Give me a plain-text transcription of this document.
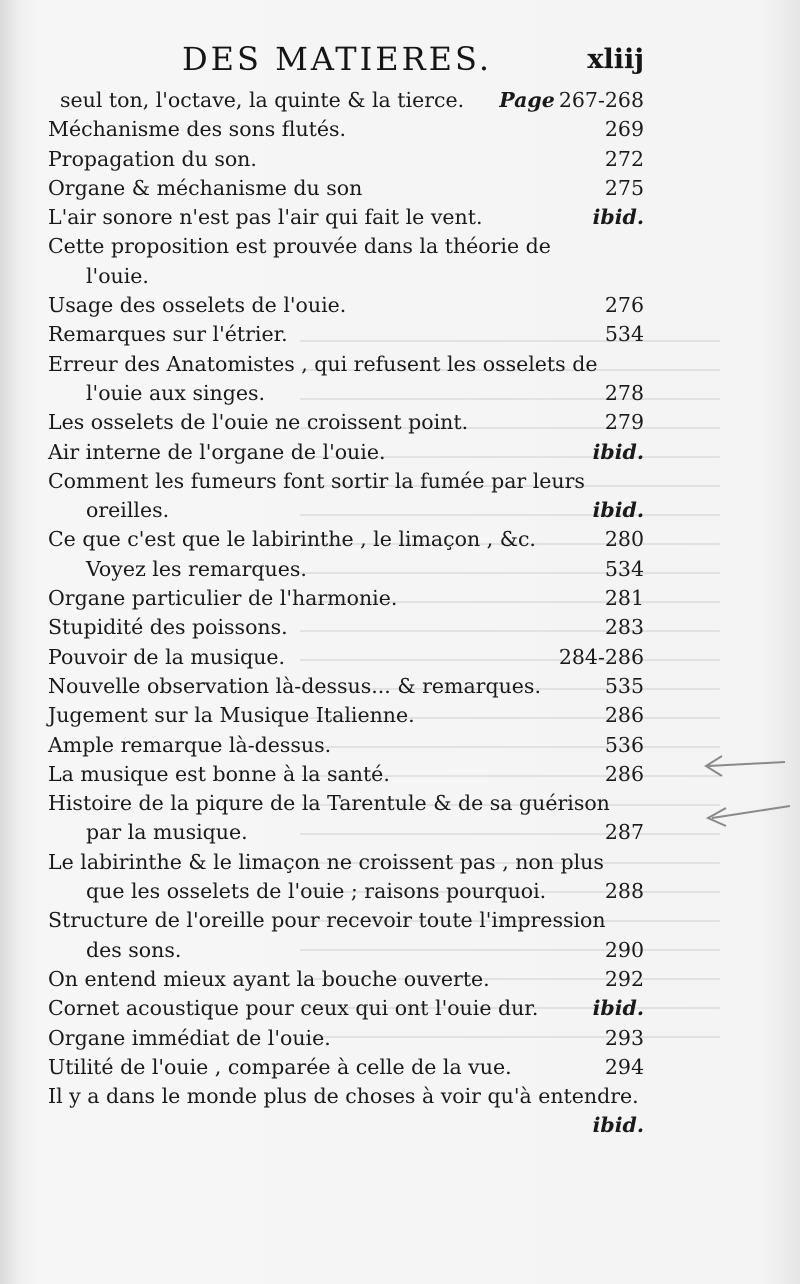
DES MATIERES.	xliij
seul ton, l'octave, la quinte & la tierce. Page 267-268
Méchanisme des sons flutés.	269
Propagation du son.	272
Organe & méchanisme du son	275
L'air sonore n'est pas l'air qui fait le vent.	ibid.
Cette proposition est prouvée dans la théorie de
l'ouie.
Usage des osselets de l'ouie.	276
Remarques sur l'étrier.	534
Erreur des Anatomistes , qui refusent les osselets de
l'ouie aux singes.	278
Les osselets de l'ouie ne croissent point.	279
Air interne de l'organe de l'ouie.	ibid.
Comment les fumeurs font sortir la fumée par leurs
oreilles.	ibid.
Ce que c'est que le labirinthe , le limaçon , &c.	280
Voyez les remarques.	534
Organe particulier de l'harmonie.	281
Stupidité des poissons.	283
Pouvoir de la musique.	284-286
Nouvelle observation là-dessus... & remarques.	535
Jugement sur la Musique Italienne.	286
Ample remarque là-dessus.	536
La musique est bonne à la santé.	286
Histoire de la piqure de la Tarentule & de sa guérison
par la musique.	287
Le labirinthe & le limaçon ne croissent pas , non plus
que les osselets de l'ouie ; raisons pourquoi.	288
Structure de l'oreille pour recevoir toute l'impression
des sons.	290
On entend mieux ayant la bouche ouverte.	292
Cornet acoustique pour ceux qui ont l'ouie dur.	ibid.
Organe immédiat de l'ouie.	293
Utilité de l'ouie , comparée à celle de la vue.	294
Il y a dans le monde plus de choses à voir qu'à entendre.
ibid.
